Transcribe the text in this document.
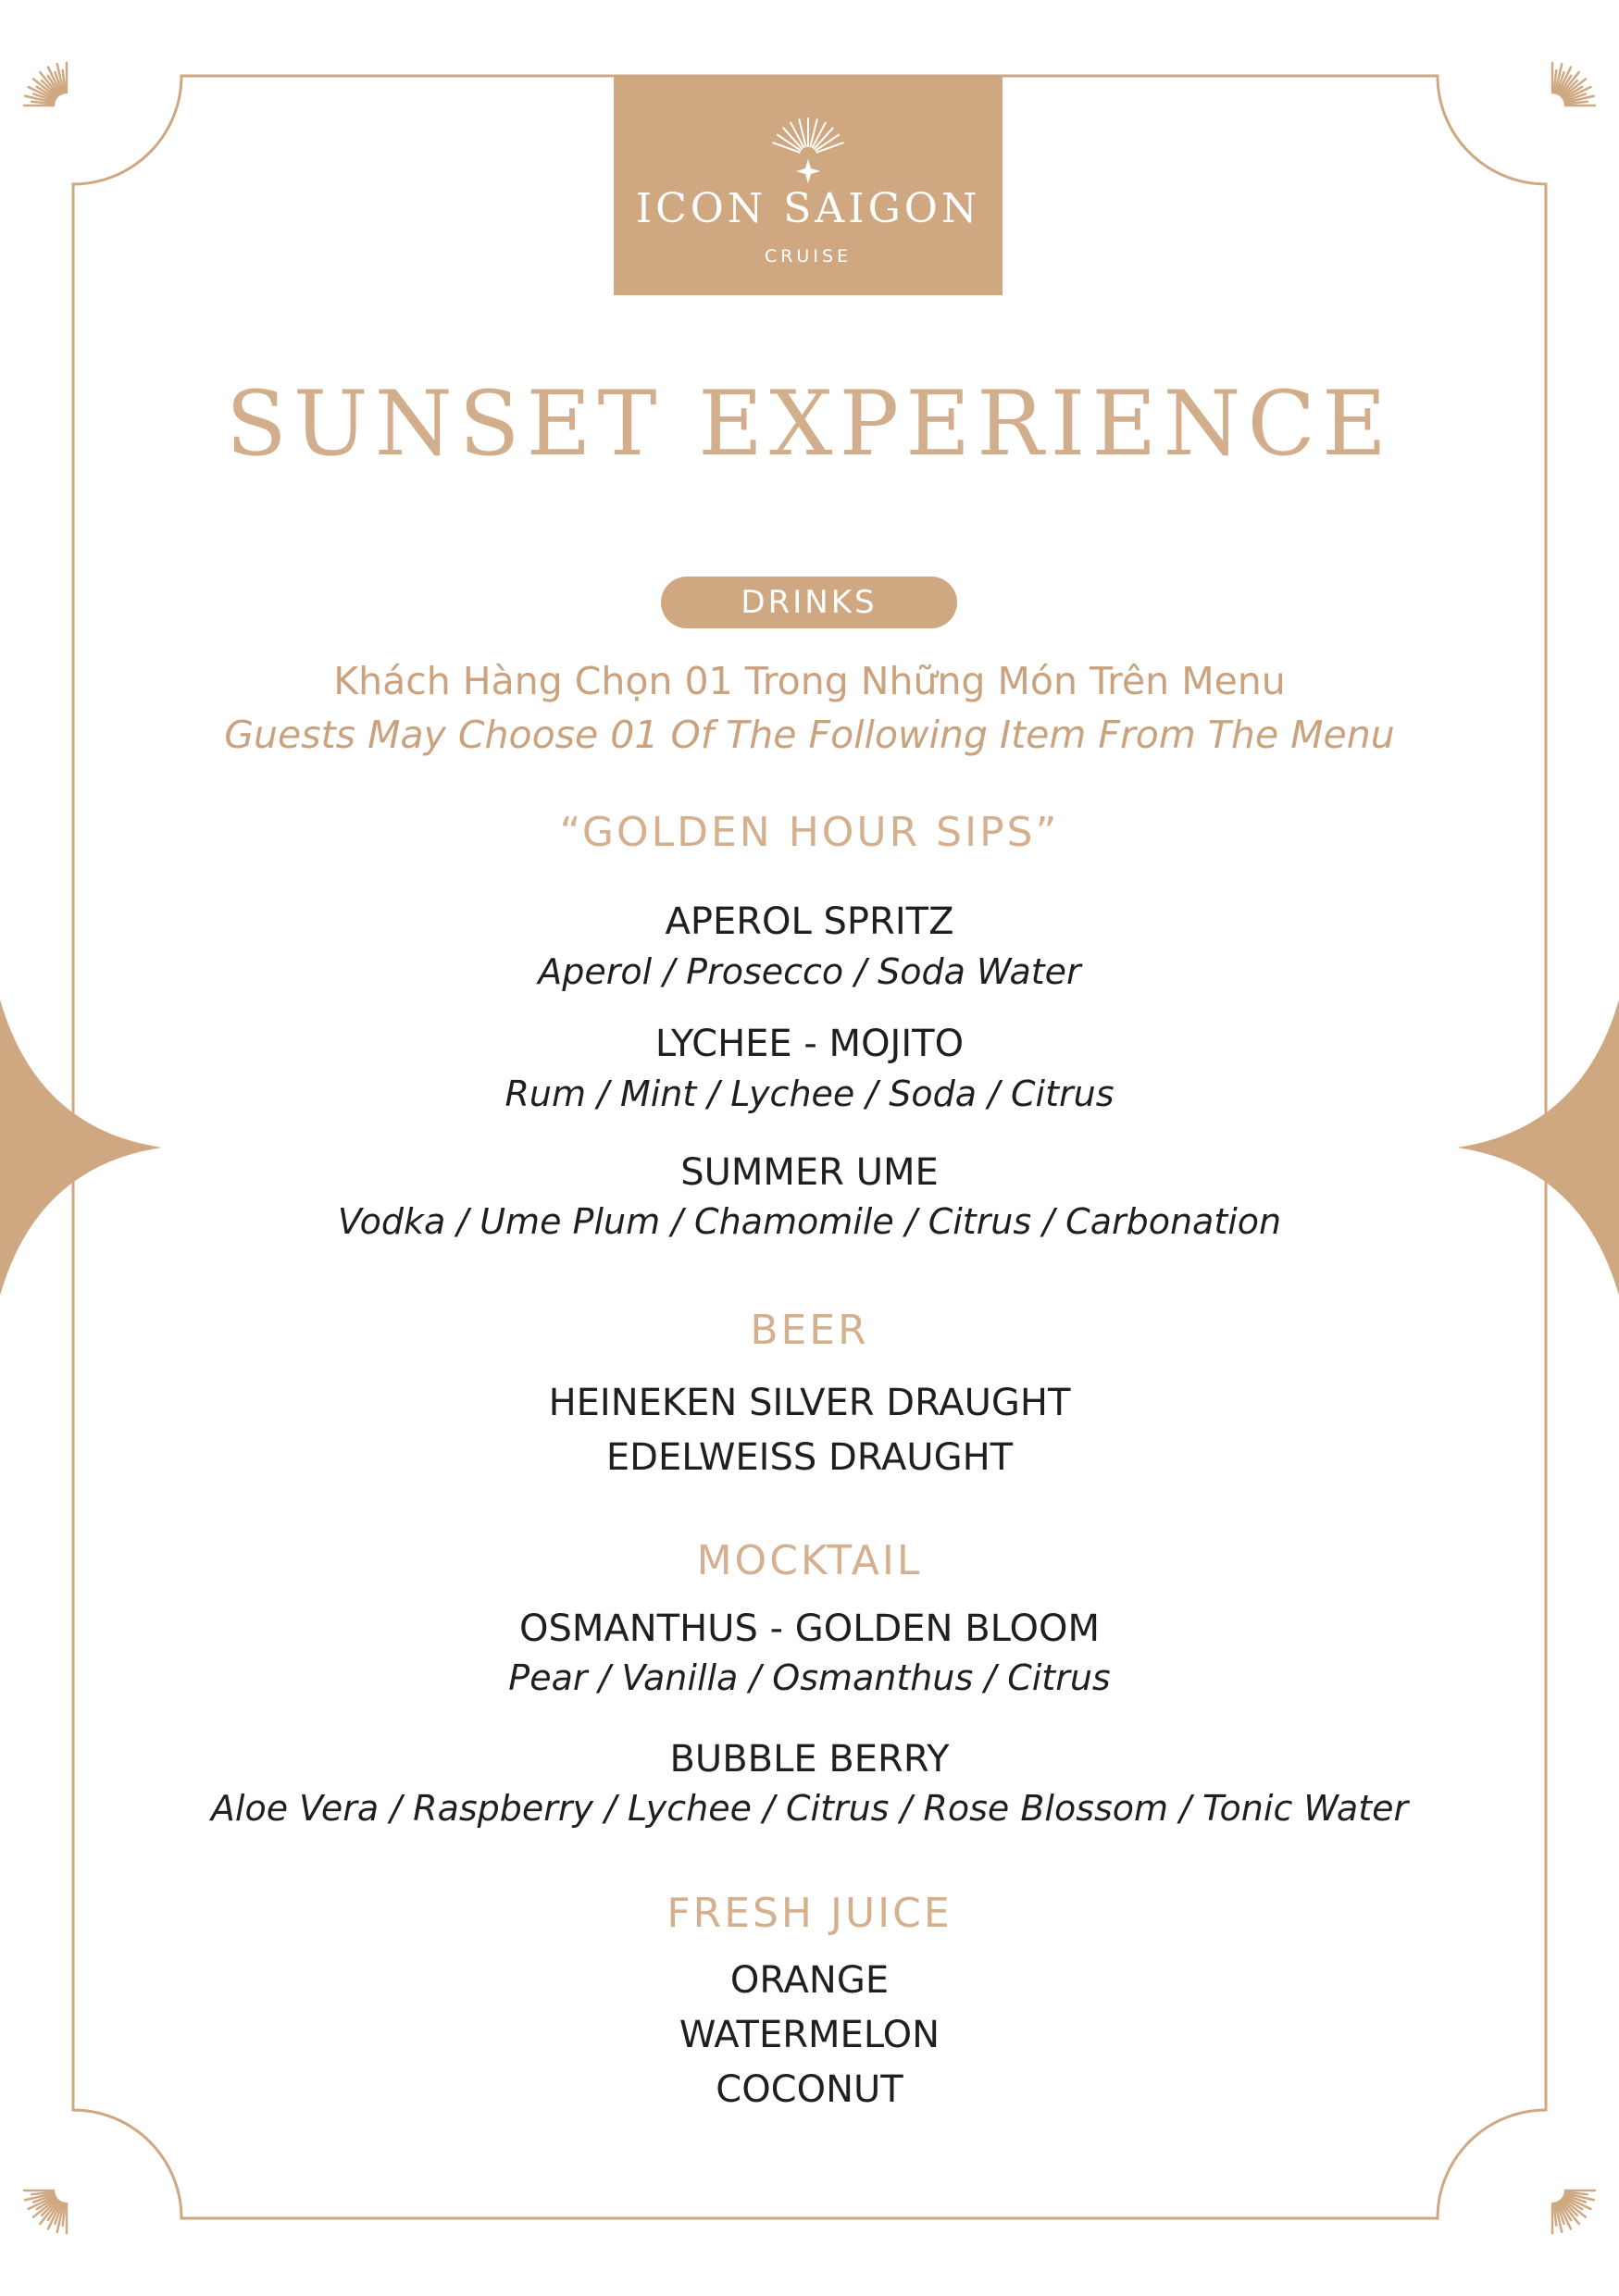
ICON SAIGON
CRUISE
SUNSET EXPERIENCE
DRINKS

Khách Hàng Chọn 01 Trong Những Món Trên Menu

Guests May Choose 01 Of The Following Item From The Menu

“GOLDEN HOUR SIPS”

APEROL SPRITZ

Aperol / Prosecco / Soda Water

LYCHEE - MOJITO

Rum / Mint / Lychee / Soda / Citrus

SUMMER UME

Vodka / Ume Plum / Chamomile / Citrus / Carbonation

BEER

HEINEKEN SILVER DRAUGHT

EDELWEISS DRAUGHT

MOCKTAIL

OSMANTHUS - GOLDEN BLOOM

Pear / Vanilla / Osmanthus / Citrus

BUBBLE BERRY

Aloe Vera / Raspberry / Lychee / Citrus / Rose Blossom / Tonic Water

FRESH JUICE

ORANGE

WATERMELON

COCONUT
